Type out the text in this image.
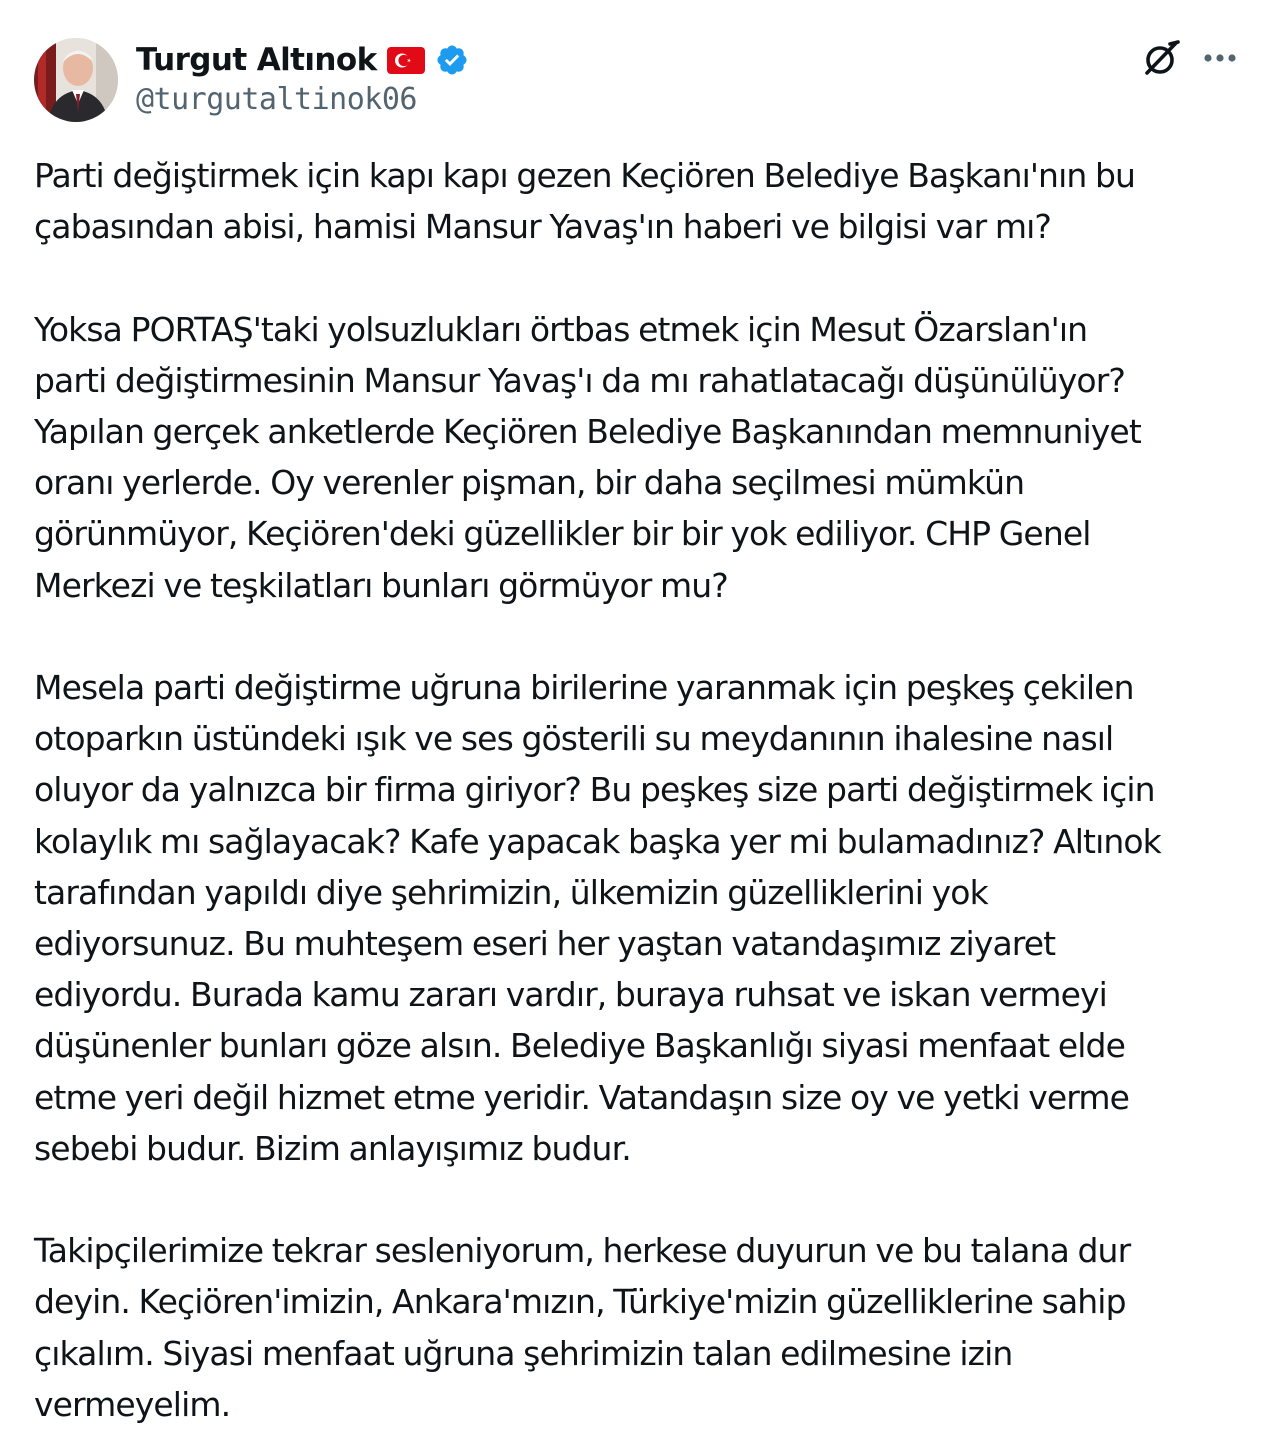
Turgut Altınok
@turgutaltinok06

Parti değiştirmek için kapı kapı gezen Keçiören Belediye Başkanı'nın bu
çabasından abisi, hamisi Mansur Yavaş'ın haberi ve bilgisi var mı?

Yoksa PORTAŞ'taki yolsuzlukları örtbas etmek için Mesut Özarslan'ın
parti değiştirmesinin Mansur Yavaş'ı da mı rahatlatacağı düşünülüyor?
Yapılan gerçek anketlerde Keçiören Belediye Başkanından memnuniyet
oranı yerlerde. Oy verenler pişman, bir daha seçilmesi mümkün
görünmüyor, Keçiören'deki güzellikler bir bir yok ediliyor. CHP Genel
Merkezi ve teşkilatları bunları görmüyor mu?

Mesela parti değiştirme uğruna birilerine yaranmak için peşkeş çekilen
otoparkın üstündeki ışık ve ses gösterili su meydanının ihalesine nasıl
oluyor da yalnızca bir firma giriyor? Bu peşkeş size parti değiştirmek için
kolaylık mı sağlayacak? Kafe yapacak başka yer mi bulamadınız? Altınok
tarafından yapıldı diye şehrimizin, ülkemizin güzelliklerini yok
ediyorsunuz. Bu muhteşem eseri her yaştan vatandaşımız ziyaret
ediyordu. Burada kamu zararı vardır, buraya ruhsat ve iskan vermeyi
düşünenler bunları göze alsın. Belediye Başkanlığı siyasi menfaat elde
etme yeri değil hizmet etme yeridir. Vatandaşın size oy ve yetki verme
sebebi budur. Bizim anlayışımız budur.

Takipçilerimize tekrar sesleniyorum, herkese duyurun ve bu talana dur
deyin. Keçiören'imizin, Ankara'mızın, Türkiye'mizin güzelliklerine sahip
çıkalım. Siyasi menfaat uğruna şehrimizin talan edilmesine izin
vermeyelim.
